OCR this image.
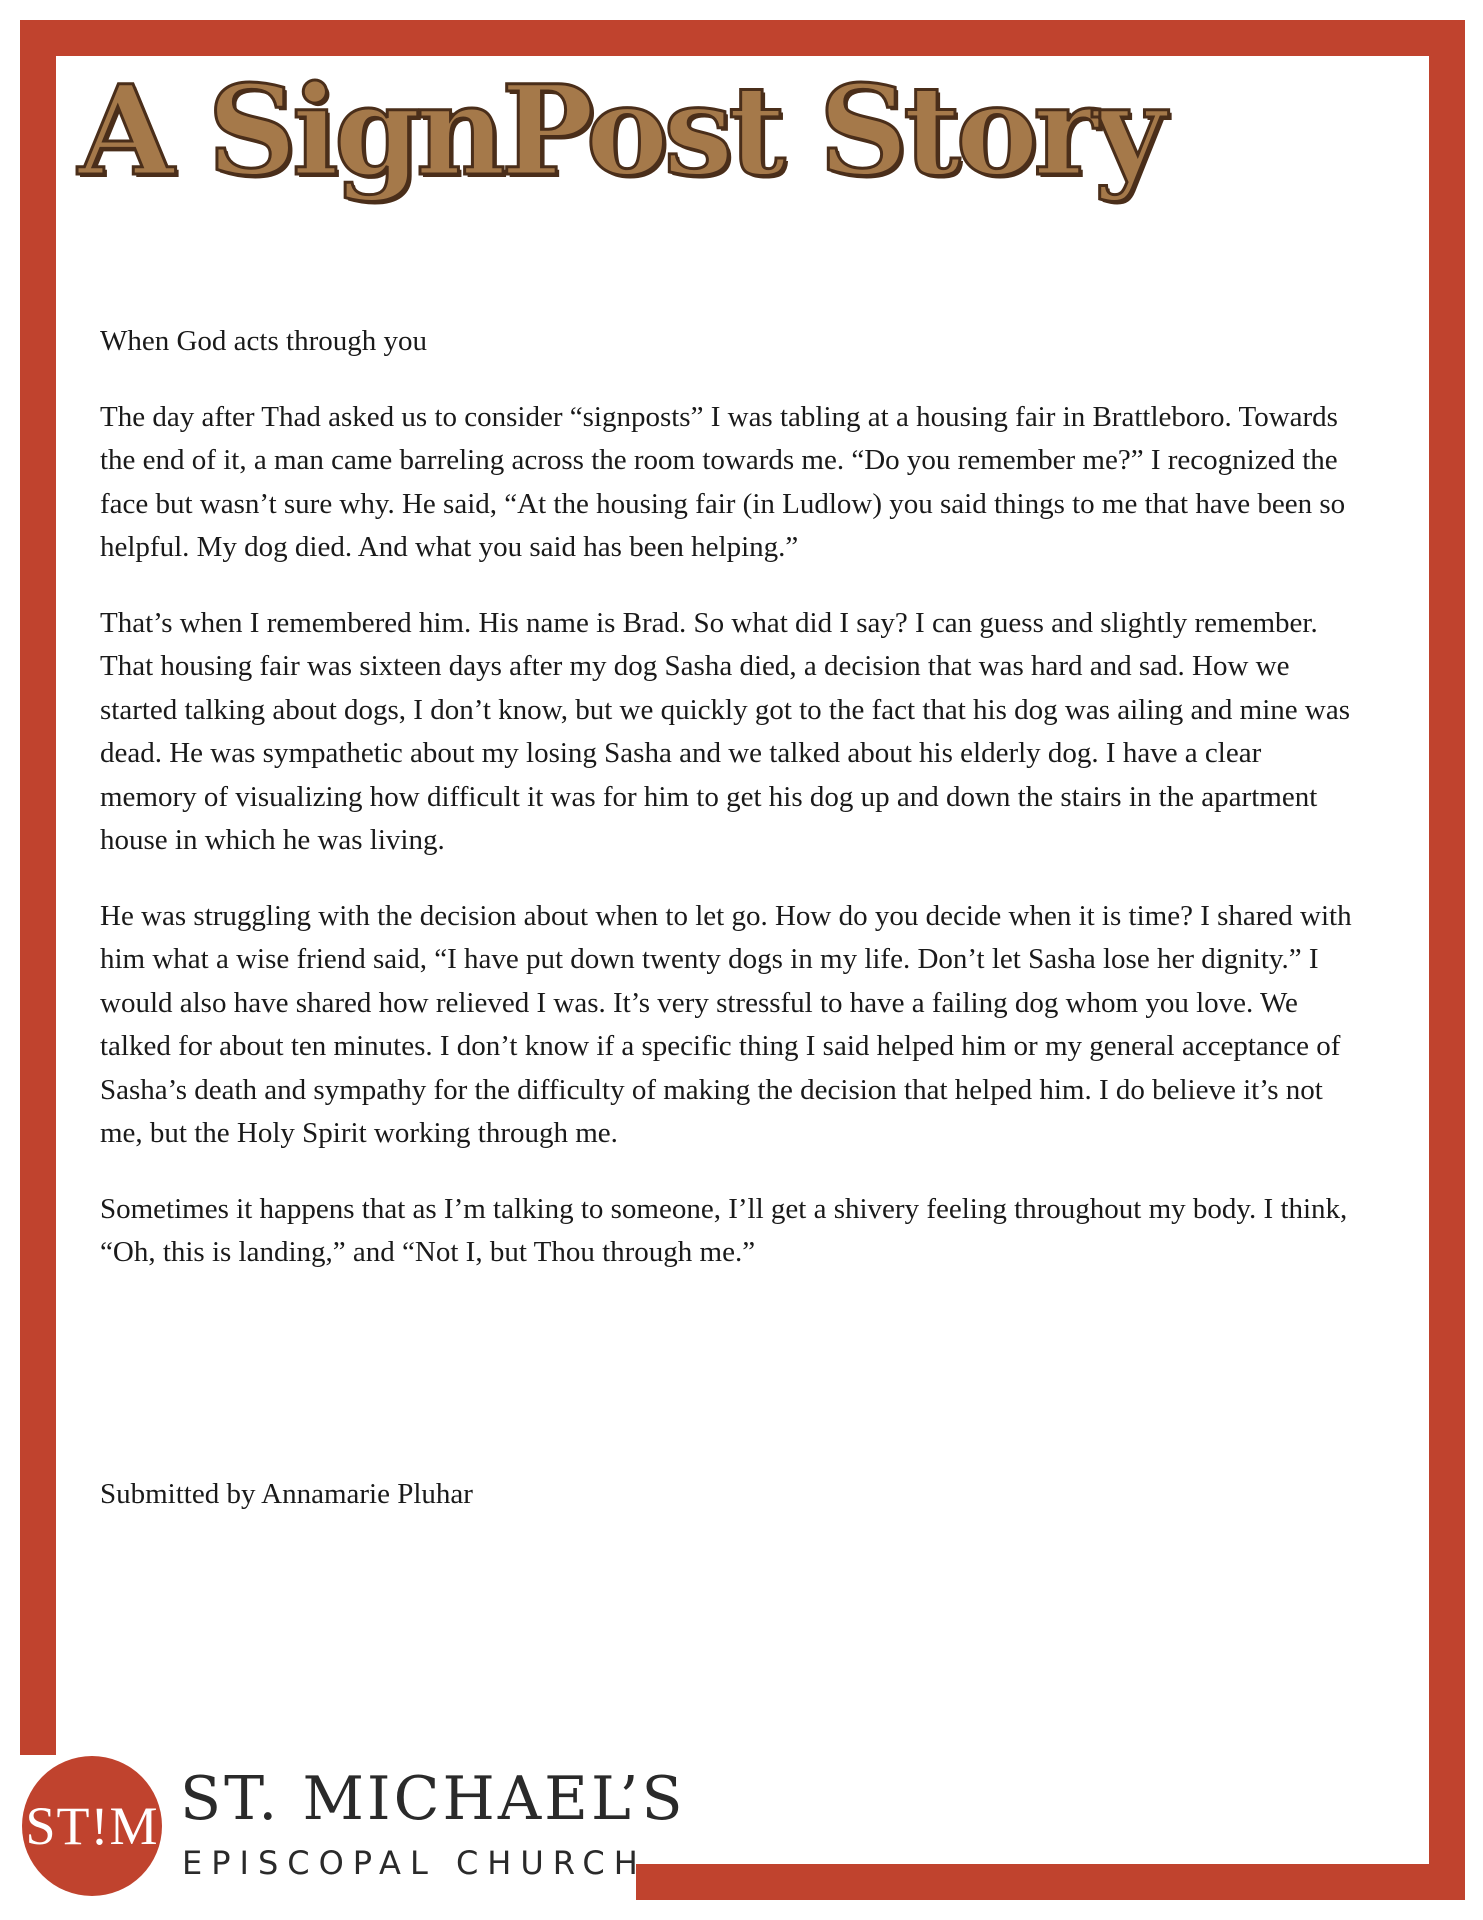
A SignPost Story

When God acts through you

The day after Thad asked us to consider “signposts” I was tabling at a housing fair in Brattleboro. Towards the end of it, a man came barreling across the room towards me. “Do you remember me?” I recognized the face but wasn’t sure why. He said, “At the housing fair (in Ludlow) you said things to me that have been so helpful. My dog died. And what you said has been helping.”

That’s when I remembered him. His name is Brad. So what did I say? I can guess and slightly remember. That housing fair was sixteen days after my dog Sasha died, a decision that was hard and sad. How we started talking about dogs, I don’t know, but we quickly got to the fact that his dog was ailing and mine was dead. He was sympathetic about my losing Sasha and we talked about his elderly dog. I have a clear memory of visualizing how difficult it was for him to get his dog up and down the stairs in the apartment house in which he was living.

He was struggling with the decision about when to let go. How do you decide when it is time? I shared with him what a wise friend said, “I have put down twenty dogs in my life. Don’t let Sasha lose her dignity.” I would also have shared how relieved I was. It’s very stressful to have a failing dog whom you love. We talked for about ten minutes. I don’t know if a specific thing I said helped him or my general acceptance of Sasha’s death and sympathy for the difficulty of making the decision that helped him. I do believe it’s not me, but the Holy Spirit working through me.

Sometimes it happens that as I’m talking to someone, I’ll get a shivery feeling throughout my body. I think, “Oh, this is landing,” and “Not I, but Thou through me.”

Submitted by Annamarie Pluhar
ST!M ST. MICHAEL’S
EPISCOPAL CHURCH
